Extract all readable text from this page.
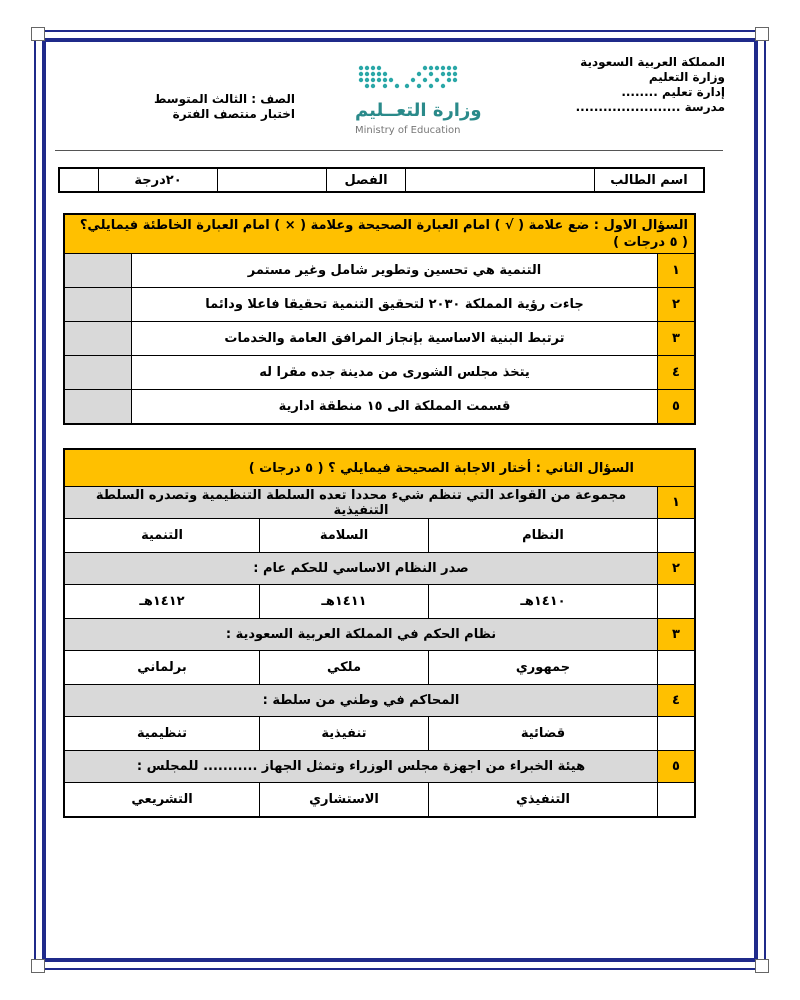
المملكة العربية السعودية
وزارة التعليم
إدارة تعليم ........
مدرسة .......................
وزارة التعــليم
Ministry of Education
الصف : الثالث المتوسط
اختبار منتصف الفترة
اسم الطالب		الفصل		٢٠درجة	
السؤال الاول : ضع علامة ( √ ) امام العبارة الصحيحة وعلامة ( × ) امام العبارة الخاطئة فيمايلي؟ ( ٥ درجات )		
١	التنمية هي تحسين وتطوير شامل وغير مستمر	
٢	جاءت رؤية المملكة ٢٠٣٠ لتحقيق التنمية تحقيقا فاعلا ودائما	
٣	ترتبط البنية الاساسية بإنجاز المرافق العامة والخدمات	
٤	يتخذ مجلس الشورى من مدينة جده مقرا له	
٥	قسمت المملكة الى ١٥ منطقة ادارية	
السؤال الثاني : أختار الاجابة الصحيحة فيمايلي ؟ ( ٥ درجات )			
١	مجموعة من القواعد التي تنظم شيء محددا تعده السلطة التنظيمية وتصدره السلطة التنفيذية		
	النظام	السلامة	التنمية
٢	صدر النظام الاساسي للحكم عام :		
	١٤١٠هـ	١٤١١هـ	١٤١٢هـ
٣	نظام الحكم في المملكة العربية السعودية :		
	جمهوري	ملكي	برلماني
٤	المحاكم في وطني من سلطة :		
	قضائية	تنفيذية	تنظيمية
٥	هيئة الخبراء من اجهزة مجلس الوزراء وتمثل الجهاز ........... للمجلس :		
	التنفيذي	الاستشاري	التشريعي
